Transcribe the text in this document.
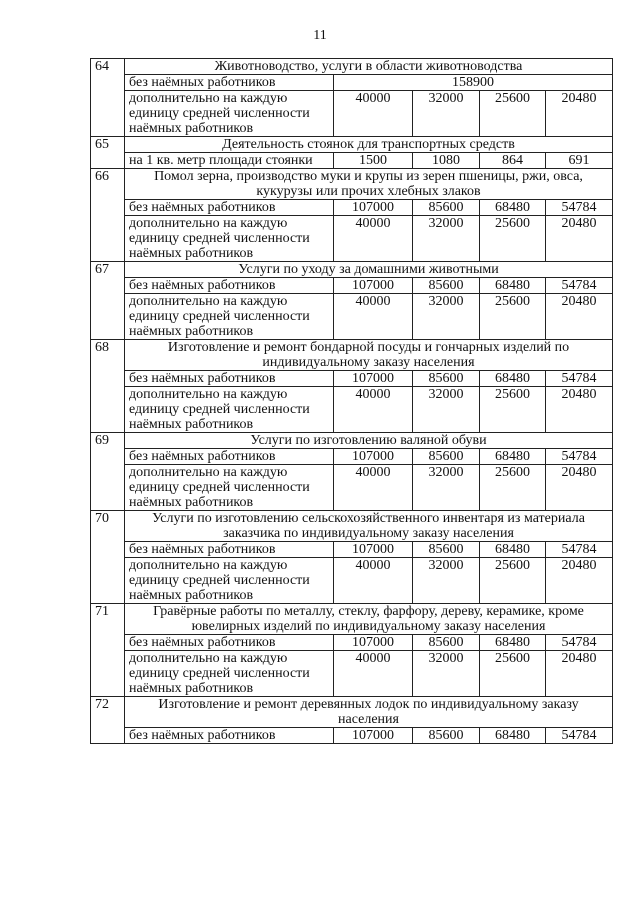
11
64	Животноводство, услуги в области животноводства				
	без наёмных работников	158900			
	дополнительно на каждую единицу средней численности наёмных работников	40000	32000	25600	20480
65	Деятельность стоянок для транспортных средств				
	на 1 кв. метр площади стоянки	1500	1080	864	691
66	Помол зерна, производство муки и крупы из зерен пшеницы, ржи, овса, кукурузы или прочих хлебных злаков				
	без наёмных работников	107000	85600	68480	54784
	дополнительно на каждую единицу средней численности наёмных работников	40000	32000	25600	20480
67	Услуги по уходу за домашними животными				
	без наёмных работников	107000	85600	68480	54784
	дополнительно на каждую единицу средней численности наёмных работников	40000	32000	25600	20480
68	Изготовление и ремонт бондарной посуды и гончарных изделий по индивидуальному заказу населения				
	без наёмных работников	107000	85600	68480	54784
	дополнительно на каждую единицу средней численности наёмных работников	40000	32000	25600	20480
69	Услуги по изготовлению валяной обуви				
	без наёмных работников	107000	85600	68480	54784
	дополнительно на каждую единицу средней численности наёмных работников	40000	32000	25600	20480
70	Услуги по изготовлению сельскохозяйственного инвентаря из материала заказчика по индивидуальному заказу населения				
	без наёмных работников	107000	85600	68480	54784
	дополнительно на каждую единицу средней численности наёмных работников	40000	32000	25600	20480
71	Гравёрные работы по металлу, стеклу, фарфору, дереву, керамике, кроме ювелирных изделий по индивидуальному заказу населения				
	без наёмных работников	107000	85600	68480	54784
	дополнительно на каждую единицу средней численности наёмных работников	40000	32000	25600	20480
72	Изготовление и ремонт деревянных лодок по индивидуальному заказу населения				
	без наёмных работников	107000	85600	68480	54784
